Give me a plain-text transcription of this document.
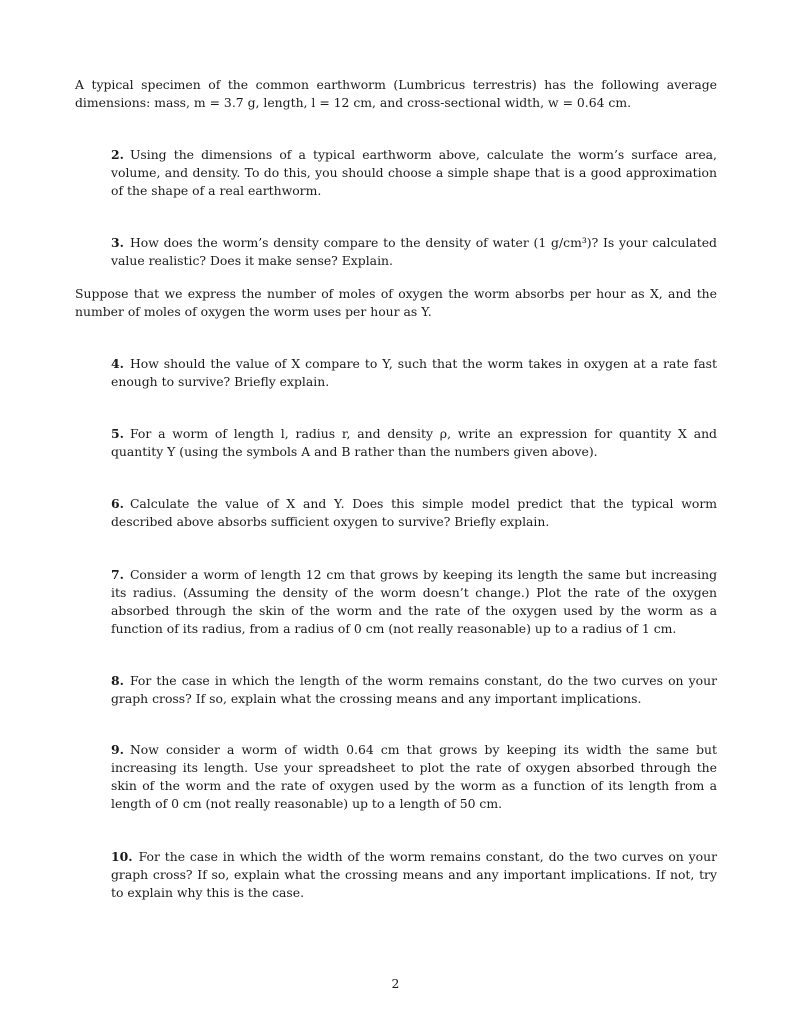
A typical specimen of the common earthworm (Lumbricus terrestris) has the following average dimensions: mass, m = 3.7 g, length, l = 12 cm, and cross-sectional width, w = 0.64 cm.

2. Using the dimensions of a typical earthworm above, calculate the worm’s surface area, volume, and density. To do this, you should choose a simple shape that is a good approximation of the shape of a real earthworm.

3. How does the worm’s density compare to the density of water (1 g/cm³)? Is your calculated value realistic? Does it make sense? Explain.

Suppose that we express the number of moles of oxygen the worm absorbs per hour as X, and the number of moles of oxygen the worm uses per hour as Y.

4. How should the value of X compare to Y, such that the worm takes in oxygen at a rate fast enough to survive? Briefly explain.

5. For a worm of length l, radius r, and density ρ, write an expression for quantity X and quantity Y (using the symbols A and B rather than the numbers given above).

6. Calculate the value of X and Y. Does this simple model predict that the typical worm described above absorbs sufficient oxygen to survive? Briefly explain.

7. Consider a worm of length 12 cm that grows by keeping its length the same but increasing its radius. (Assuming the density of the worm doesn’t change.) Plot the rate of the oxygen absorbed through the skin of the worm and the rate of the oxygen used by the worm as a function of its radius, from a radius of 0 cm (not really reasonable) up to a radius of 1 cm.

8. For the case in which the length of the worm remains constant, do the two curves on your graph cross? If so, explain what the crossing means and any important implications.

9. Now consider a worm of width 0.64 cm that grows by keeping its width the same but increasing its length. Use your spreadsheet to plot the rate of oxygen absorbed through the skin of the worm and the rate of oxygen used by the worm as a function of its length from a length of 0 cm (not really reasonable) up to a length of 50 cm.

10. For the case in which the width of the worm remains constant, do the two curves on your graph cross? If so, explain what the crossing means and any important implications. If not, try to explain why this is the case.

2
